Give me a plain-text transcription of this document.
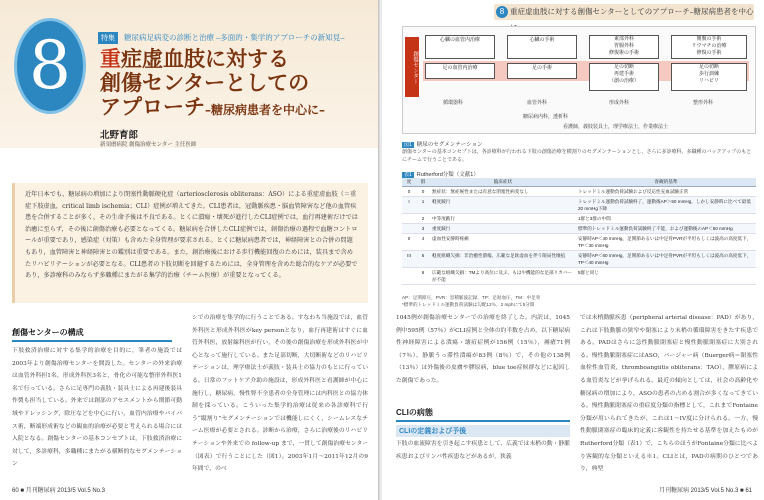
8	特集	糖尿病足病変の診断と治療 –多面的・集学的アプローチの新知見–
重症虚血肢に対する
創傷センターとしての
アプローチ–糖尿病患者を中心に–
北野育郎
新須磨病院 創傷治療センター 主任医師
近年日本でも，糖尿病の増加により閉塞性動脈硬化症（arteriosclerosis obliterans：ASO）による重症虚血肢（＝重症下肢虚血，critical limb ischemia；CLI）症例が増えてきた。CLI患者は，冠動脈疾患・脳血管障害など他の血管疾患を合併することが多く，その生命予後は不良である。とくに潰瘍・壊死が進行したCLI症例では，血行再建術だけでは治癒に至らず，その後に創傷治療も必要となってくる。糖尿病を合併したCLI症例では，創傷治療の過程で血糖コントロールが重要であり，感染症（対策）も含めた全身管理が要求される。とくに糖尿病患者では，神経障害との合併の問題もあり，血管障害と神経障害との鑑別は重要である。また，創治療後における歩行機能回復のためには，装具まで含めたリハビリテーションが必要となる。CLI患者の下肢切断を回避するためには，全身管理を含めた総合的なケアが必要であり，多診療科のみならず多職種にまたがる集学的治療（チーム医療）が重要となってくる。
創傷センターの構成
下肢救済治療に対する集学的治療を目的に，筆者の施設では2003年より創傷治療センターを開設した。センターの外来治療は血管外科担1名，形成外科医3名と，骨化の可能な整形外科医1名で行っている。さらに足専門の義肢・装具士による再建後装具作製も担当している。外来では創部のアセスメントから関節可動域やドレッシング，除圧などを中心に行い，血管内治療やバイパス術，断端形成術などの観血的治療が必要と考えられる場合には入院となる。創傷センターの基本コンセプトは，下肢救済治療に対して，多診療科，多職種にまたがる横断的なセグメンテーション
シでの治療を集学的に行うことである。すなわち当施設では，血管外科医と形成外科医がkey personとなり，血行再建術はすぐに血管外科医，放射線科医が行い，その後の創傷治療を形成外科医が中心となって施行している。また足部切断，大切断術などのリハビリテーションは，理学療法士が義肢・装具士の協力のもとに行っている。日常のフットケア介助の施設は，形成外科医と看護師が中心に施行し，糖尿病，慢性腎不全患者の全身管理には内科医との協力体制を採っている。こういった集学的治療は従来の各診療科で行う“縦割り”セグメンテーションでは機能しにくく，シームレスなチーム医療が必要とされる。診断から治療，さらに治療後のリハビリテーションや外来での follow-up まで，一貫して創傷治療センター（図表）で行うことにした（図1）。2003年1月〜2011年12月の9年間で，のべ
60 ■ 月刊糖尿病 2013/5 Vol.5 No.3
8 重症虚血肢に対する創傷センターとしてのアプローチ–糖尿病患者を中心
創傷センター
心臓の血管内治療	心臓の手術	東部外科
胃腸外科
修復術の手術
開腹の手術
リウマチの治療
修復の手術
足の血管内治療	足の手術	足の切断
再建手術
（創の治療）
足の切断
歩行訓練
リハビリ
循環器科	血管外科	形成外科	整形外科
糖尿病内科，透析科
看護師，義肢装具士，理学療法士，作業療法士
図1 糖尿のセグメンテーション
創傷センターの基本コンセプトは，各診療科が行われる下肢の創傷治療を横割りのセグメンテーションとし，さらに多診療科，多職種のバックアップのもとにチームで行うことである。
表1 Rutherford分類（文献1）
度	群	臨床症状	客観的基準
0	0	無症状：無症候性または有意な閉塞性病変なし	トレッドミル運動負荷試験および反応性充血試験正常
I	1	軽度跛行	トレッドミル運動負荷試験終了，運動後AP＞50 mmHg，しかし安静時に比べて最低20 mmHg下降
	2	中等度跛行	1群と3群の中間
	3	重度跛行	標準的トレッドミル運動負荷試験終了不能，および運動後のAP＜50 mmHg
II	4	虚血性安静時疼痛	安静時AP＜40 mmHg，足関節あるいは中足骨PVRが平坦もしくは波高の高度低下，TP＜30 mmHg
III	5	軽度組織欠損：非治癒性潰瘍，広範な足趾虚血を伴う限局性壊疽	安静時AP＜60 mmHg，足関節あるいは中足骨PVRが平坦もしくは波高の高度低下，TP＜40 mmHg
	6	広範な組織欠損：TMより高位に及ぶ，もはや機能的な足部リカバーが不能	5群と同じ
AP：足関節圧，PVR：容積脈波記録，TP：足趾血圧，TM：中足骨
*標準的トレッドミル運動負荷試験は勾配12％，2 mphにて5分間
1045例が創傷治療センターでの治療を終了した。内訳は，1045例中595例（57％）がCLI症例と全体の約半数を占め，以下糖尿病性神経障害による潰瘍・壊疽症例が156例（15％），褥瘡71例（7％），静脈うっ滞性潰瘍が83例（8％）で，その他の138例（13％）は外傷後の皮膚や膠原病，blue toe症候群などに起因した創傷であった。
CLIの病態
CLIの定義および予後
下肢の血流障害を引き起こす疾患として，広義では末梢の動・静脈疾患およびリンパ性疾患などがあるが，狭義
では末梢動脈疾患（peripheral arterial disease：PAD）があり，これは下肢動脈の狭窄や閉塞により末梢の循環障害をきたす疾患である。PADはさらに急性動脈閉塞症と慢性動脈閉塞症に大別される。慢性動脈閉塞症にはASO，バージャー病（Buerger病＝閉塞性血栓性血管炎，thromboangiitis obliterans：TAO），膠原病による血管炎などが挙げられる。最近の傾向としては，社会の高齢化や糖尿病の増加により，ASOの患者の占める割合が多くなってきている。慢性動脈閉塞症の重症度分類の指標として，これまでFontaine分類が用いられてきたが，これは1〜IV度に分けられる。一方，慢性動脈閉塞症の臨床的定義に客観性を持たせる基準を加えたものがRutherford分類（表1）で，こちらのほうがFontaine分類に比べより客観的な分類といえる※1。CLIとは，PADの病期のひとつであり，典型
月刊糖尿病 2013/5 Vol.5 No.3 ■ 61
